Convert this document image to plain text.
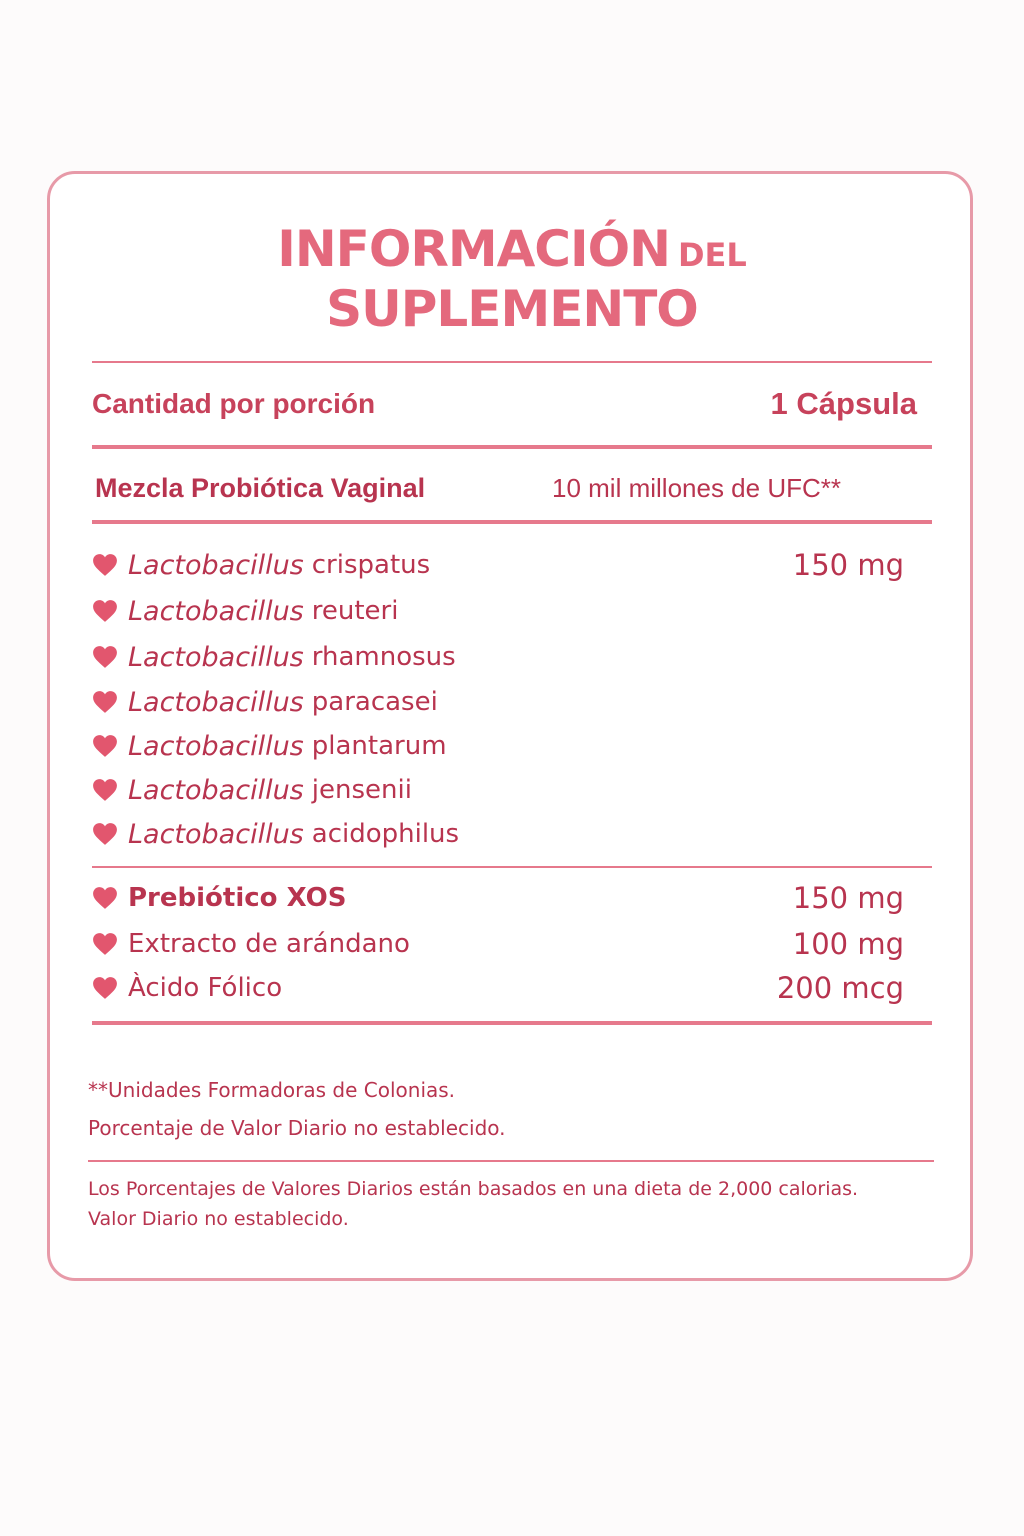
INFORMACIÓN DEL
SUPLEMENTO
Cantidad por porción	1 Cápsula
Mezcla Probiótica Vaginal	10 mil millones de UFC**
Lactobacillus crispatus	150 mg
Lactobacillus reuteri
Lactobacillus rhamnosus
Lactobacillus paracasei
Lactobacillus plantarum
Lactobacillus jensenii
Lactobacillus acidophilus
Prebiótico XOS	150 mg
Extracto de arándano	100 mg
Àcido Fólico	200 mcg
**Unidades Formadoras de Colonias.
Porcentaje de Valor Diario no establecido.
Los Porcentajes de Valores Diarios están basados en una dieta de 2,000 calorias.
Valor Diario no establecido.
